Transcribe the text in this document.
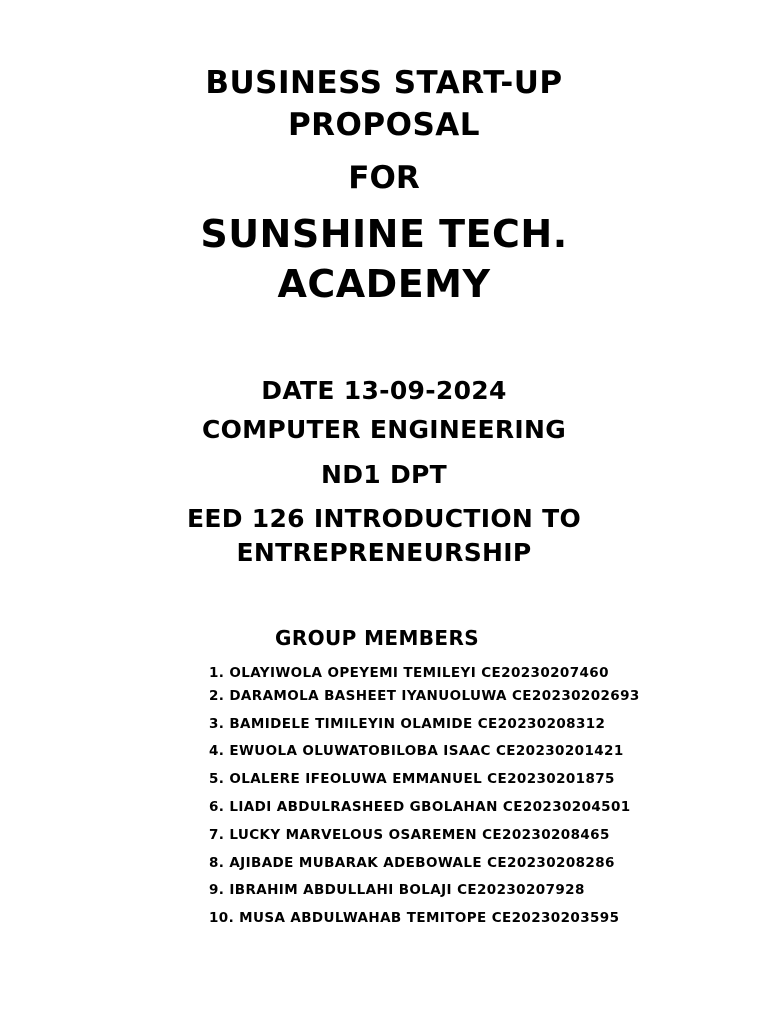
BUSINESS START-UP
PROPOSAL
FOR
SUNSHINE TECH.
ACADEMY
DATE 13-09-2024
COMPUTER ENGINEERING
ND1 DPT
EED 126 INTRODUCTION TO
ENTREPRENEURSHIP
GROUP MEMBERS
1. OLAYIWOLA OPEYEMI TEMILEYI CE20230207460
2. DARAMOLA BASHEET IYANUOLUWA CE20230202693
3. BAMIDELE TIMILEYIN OLAMIDE CE20230208312
4. EWUOLA OLUWATOBILOBA ISAAC CE20230201421
5. OLALERE IFEOLUWA EMMANUEL CE20230201875
6. LIADI ABDULRASHEED GBOLAHAN CE20230204501
7. LUCKY MARVELOUS OSAREMEN CE20230208465
8. AJIBADE MUBARAK ADEBOWALE CE20230208286
9. IBRAHIM ABDULLAHI BOLAJI CE20230207928
10. MUSA ABDULWAHAB TEMITOPE CE20230203595
